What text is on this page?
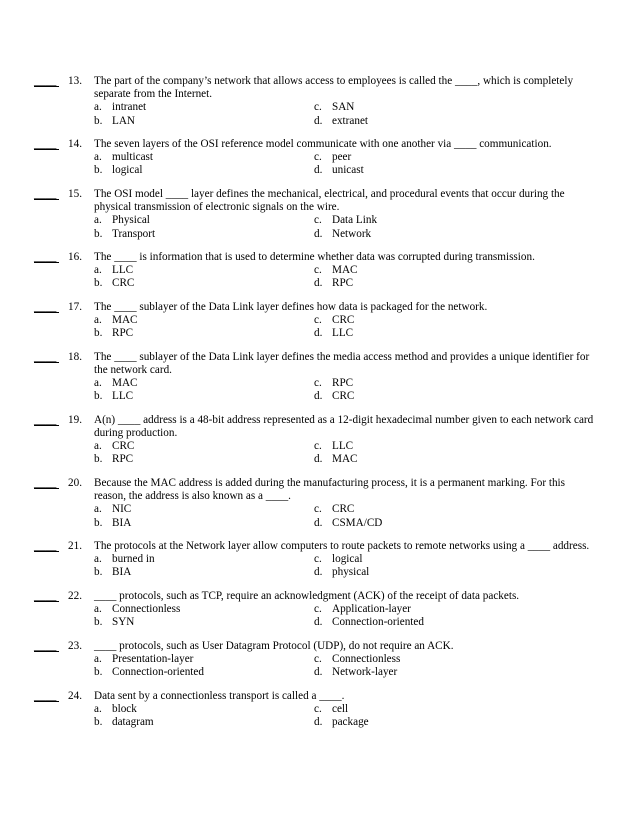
____ 13. The part of the company’s network that allows access to employees is called the ____, which is completely separate from the Internet.
a. intranet	c. SAN
b. LAN	d. extranet
____ 14. The seven layers of the OSI reference model communicate with one another via ____ communication.
a. multicast	c. peer
b. logical	d. unicast
____ 15. The OSI model ____ layer defines the mechanical, electrical, and procedural events that occur during the physical transmission of electronic signals on the wire.
a. Physical	c. Data Link
b. Transport	d. Network
____ 16. The ____ is information that is used to determine whether data was corrupted during transmission.
a. LLC	c. MAC
b. CRC	d. RPC
____ 17. The ____ sublayer of the Data Link layer defines how data is packaged for the network.
a. MAC	c. CRC
b. RPC	d. LLC
____ 18. The ____ sublayer of the Data Link layer defines the media access method and provides a unique identifier for the network card.
a. MAC	c. RPC
b. LLC	d. CRC
____ 19. A(n) ____ address is a 48-bit address represented as a 12-digit hexadecimal number given to each network card during production.
a. CRC	c. LLC
b. RPC	d. MAC
____ 20. Because the MAC address is added during the manufacturing process, it is a permanent marking. For this reason, the address is also known as a ____.
a. NIC	c. CRC
b. BIA	d. CSMA/CD
____ 21. The protocols at the Network layer allow computers to route packets to remote networks using a ____ address.
a. burned in	c. logical
b. BIA	d. physical
____ 22. ____ protocols, such as TCP, require an acknowledgment (ACK) of the receipt of data packets.
a. Connectionless	c. Application-layer
b. SYN	d. Connection-oriented
____ 23. ____ protocols, such as User Datagram Protocol (UDP), do not require an ACK.
a. Presentation-layer	c. Connectionless
b. Connection-oriented	d. Network-layer
____ 24. Data sent by a connectionless transport is called a ____.
a. block	c. cell
b. datagram	d. package
